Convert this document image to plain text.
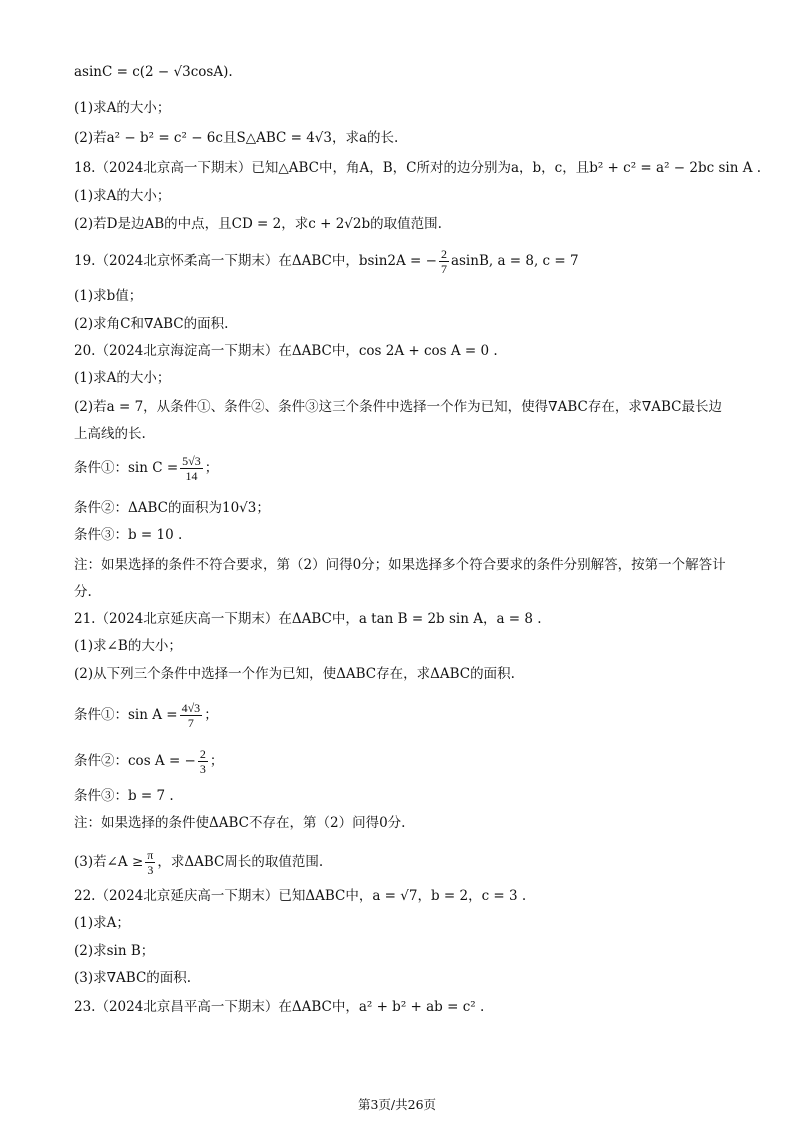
asinC = c(2 − √3cosA).
(1)求A的大小；
(2)若a² − b² = c² − 6c且S△ABC = 4√3，求a的长.
18.（2024北京高一下期末）已知△ABC中，角A，B，C所对的边分别为a，b，c，且b² + c² = a² − 2bc sin A .
(1)求A的大小；
(2)若D是边AB的中点，且CD = 2，求c + 2√2b的取值范围.
19.（2024北京怀柔高一下期末）在ΔABC中，bsin2A = − $\frac{2}{7} asinB$, a = 8, c = 7
(1)求b值；
(2)求角C和∇ABC的面积.
20.（2024北京海淀高一下期末）在ΔABC中，cos 2A + cos A = 0 .
(1)求A的大小；
(2)若a = 7，从条件①、条件②、条件③这三个条件中选择一个作为已知，使得∇ABC存在，求∇ABC最长边上高线的长.
条件①：$\sin C = \frac{5√3}{14}$ ；
条件②：ΔABC的面积为10√3；
条件③：b = 10 .
注：如果选择的条件不符合要求，第（2）问得0分；如果选择多个符合要求的条件分别解答，按第一个解答计分.
21.（2024北京延庆高一下期末）在ΔABC中，a tan B = 2b sin A，a = 8 .
(1)求∠B的大小；
(2)从下列三个条件中选择一个作为已知，使ΔABC存在，求ΔABC的面积.
条件①：$\sin A = \frac{4√3}{7}$ ；
条件②：cos A = − $\frac{2}{3}$ ；
条件③：b = 7 .
注：如果选择的条件使ΔABC不存在，第（2）问得0分.
(3)若∠A ≥ $\frac{\pi}{3}$ ，求ΔABC周长的取值范围.
22.（2024北京延庆高一下期末）已知ΔABC中，a = √7，b = 2，c = 3 .
(1)求A；
(2)求sin B；
(3)求∇ABC的面积.
23.（2024北京昌平高一下期末）在ΔABC中，a² + b² + ab = c² .
第3页/共26页
